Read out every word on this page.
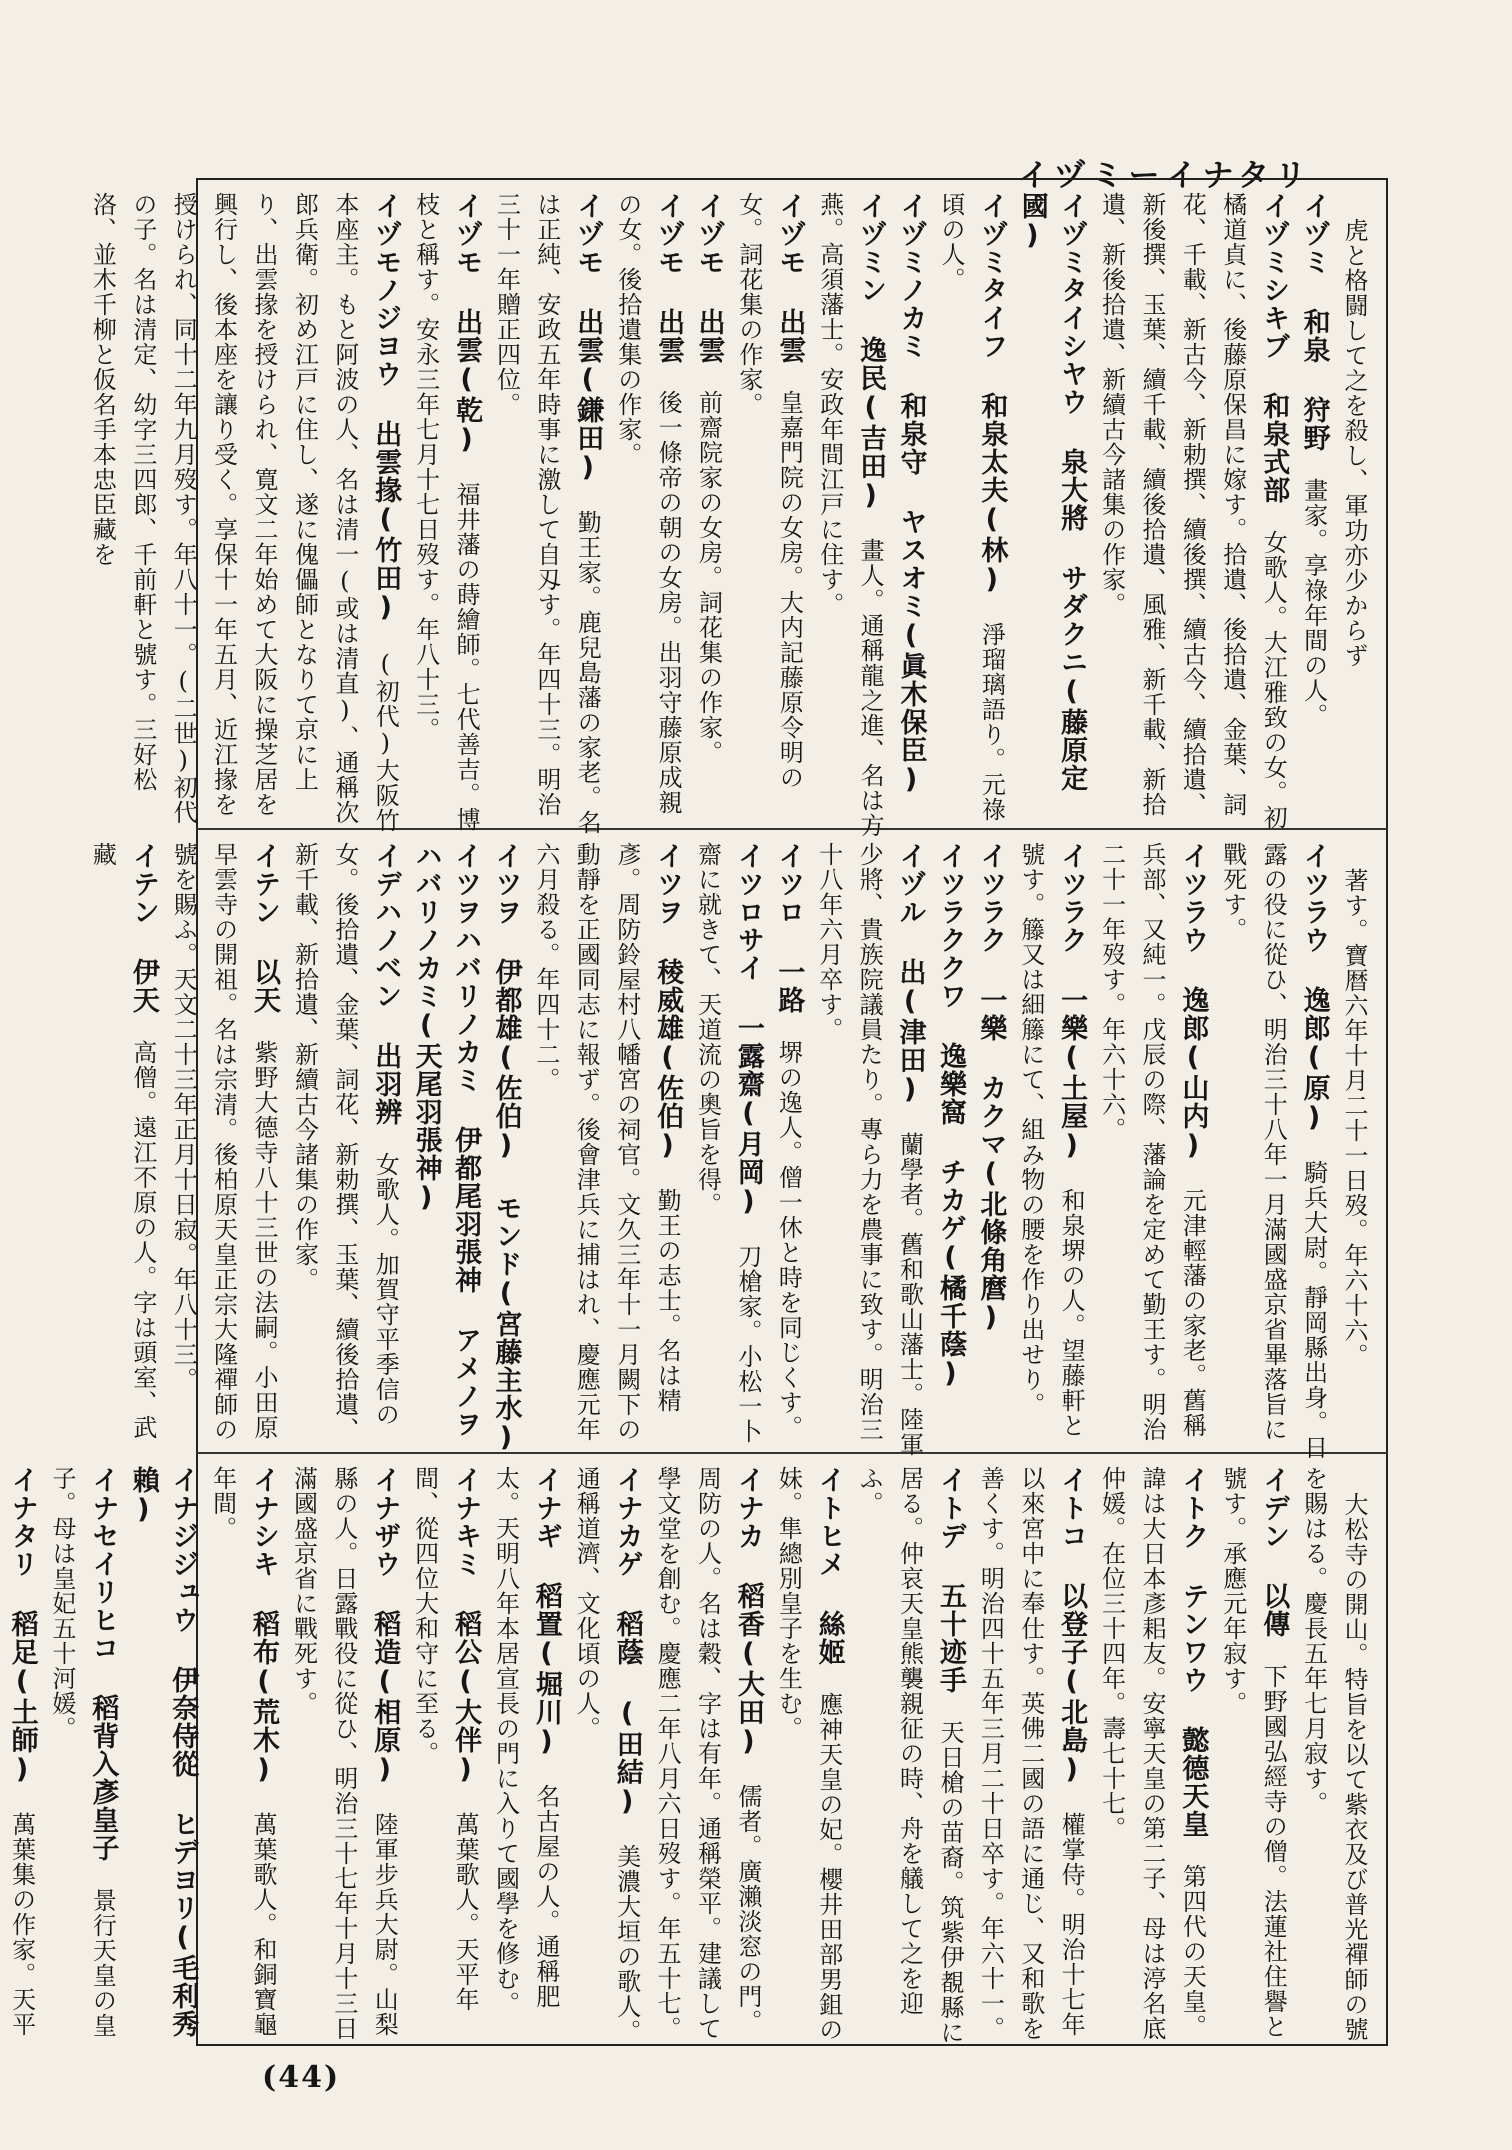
イヅミーイナタリ

　虎と格闘して之を殺し、軍功亦少からず

イヅミ 和泉 狩野　畫家。享祿年間の人。

イヅミシキブ 和泉式部　女歌人。大江雅致の女。初橘道貞に、後藤原保昌に嫁す。拾遺、後拾遺、金葉、詞花、千載、新古今、新勅撰、續後撰、續古今、續拾遺、新後撰、玉葉、續千載、續後拾遺、風雅、新千載、新拾遺、新後拾遺、新續古今諸集の作家。

イヅミタイシヤウ 泉大將 サダクニ(藤原定國)　

イヅミタイフ 和泉太夫(林)　淨瑠璃語り。元祿頃の人。

イヅミノカミ 和泉守 ヤスオミ(眞木保臣)　

イヅミン 逸民(吉田)　畫人。通稱龍之進、名は方燕。高須藩士。安政年間江戸に住す。

イヅモ 出雲　皇嘉門院の女房。大内記藤原令明の女。詞花集の作家。

イヅモ 出雲　前齋院家の女房。詞花集の作家。

イヅモ 出雲　後一條帝の朝の女房。出羽守藤原成親の女。後拾遺集の作家。

イヅモ 出雲(鎌田)　勤王家。鹿兒島藩の家老。名は正純、安政五年時事に激して自刄す。年四十三。明治三十一年贈正四位。

イヅモ 出雲(乾)　福井藩の蒔繪師。七代善吉。博枝と稱す。安永三年七月十七日歿す。年八十三。

イヅモノジヨウ 出雲掾(竹田)　(初代)大阪竹本座主。もと阿波の人、名は清一(或は清直)、通稱次郎兵衛。初め江戸に住し、遂に傀儡師となりて京に上り、出雲掾を授けられ、寛文二年始めて大阪に操芝居を興行し、後本座を讓り受く。享保十一年五月、近江掾を授けられ、同十二年九月歿す。年八十一。(二世)初代の子。名は清定、幼字三四郎、千前軒と號す。三好松洛、並木千柳と仮名手本忠臣藏を

　著す。寶暦六年十月二十一日歿。年六十六。

イツラウ 逸郎(原)　騎兵大尉。靜岡縣出身。日露の役に從ひ、明治三十八年一月滿國盛京省畢落旨に戰死す。

イツラウ 逸郎(山内)　元津輕藩の家老。舊稱兵部、又純一。戊辰の際、藩論を定めて勤王す。明治二十一年歿す。年六十六。

イツラク 一樂(土屋)　和泉堺の人。望藤軒と號す。籐又は細籐にて、組み物の腰を作り出せり。

イツラク 一樂 カクマ(北條角麿)　

イツラククワ 逸樂窩 チカゲ(橘千蔭)　

イヅル 出(津田)　蘭學者。舊和歌山藩士。陸軍少將、貴族院議員たり。專ら力を農事に致す。明治三十八年六月卒す。

イツロ 一路　堺の逸人。僧一休と時を同じくす。

イツロサイ 一露齋(月岡)　刀槍家。小松一卜齋に就きて、天道流の奧旨を得。

イツヲ 稜威雄(佐伯)　勤王の志士。名は精彥。周防鈴屋村八幡宮の祠官。文久三年十一月闕下の動靜を正國同志に報ず。後會津兵に捕はれ、慶應元年六月殺る。年四十二。

イツヲ 伊都雄(佐伯) モンド(宮藤主水)　

イツヲハバリノカミ 伊都尾羽張神 アメノヲハバリノカミ(天尾羽張神)　

イデハノベン 出羽辨　女歌人。加賀守平季信の女。後拾遺、金葉、詞花、新勅撰、玉葉、續後拾遺、新千載、新拾遺、新續古今諸集の作家。

イテン 以天　紫野大德寺八十三世の法嗣。小田原早雲寺の開祖。名は宗清。後柏原天皇正宗大隆禪師の號を賜ふ。天文二十三年正月十日寂。年八十三。

イテン 伊天　高僧。遠江不原の人。字は頭室、武藏

　大松寺の開山。特旨を以て紫衣及び普光禪師の號を賜はる。慶長五年七月寂す。

イデン 以傳　下野國弘經寺の僧。法蓮社住譽と號す。承應元年寂す。

イトク テンワウ 懿德天皇　第四代の天皇。諱は大日本彥耜友。安寧天皇の第二子、母は渟名底仲媛。在位三十四年。壽七十七。

イトコ 以登子(北島)　權掌侍。明治十七年以來宮中に奉仕す。英佛二國の語に通じ、又和歌を善くす。明治四十五年三月二十日卒す。年六十一。

イトデ 五十迹手　天日槍の苗裔。筑紫伊覩縣に居る。仲哀天皇熊襲親征の時、舟を艤して之を迎ふ。

イトヒメ 絲姬　應神天皇の妃。櫻井田部男鉏の妹。隼總別皇子を生む。

イナカ 稻香(大田)　儒者。廣瀨淡窓の門。周防の人。名は穀、字は有年。通稱榮平。建議して學文堂を創む。慶應二年八月六日歿す。年五十七。

イナカゲ 稻蔭 (田結)　美濃大垣の歌人。通稱道濟、文化頃の人。

イナギ 稻置(堀川)　名古屋の人。通稱肥太。天明八年本居宣長の門に入りて國學を修む。

イナキミ 稻公(大伴)　萬葉歌人。天平年間、從四位大和守に至る。

イナザウ 稻造(相原)　陸軍步兵大尉。山梨縣の人。日露戰役に從ひ、明治三十七年十月十三日滿國盛京省に戰死す。

イナシキ 稻布(荒木)　萬葉歌人。和銅寶龜年間。

イナジジュウ 伊奈侍從 ヒデヨリ(毛利秀賴)　

イナセイリヒコ 稻背入彥皇子　景行天皇の皇子。母は皇妃五十河媛。

イナタリ 稻足(土師)　萬葉集の作家。天平

(44)
